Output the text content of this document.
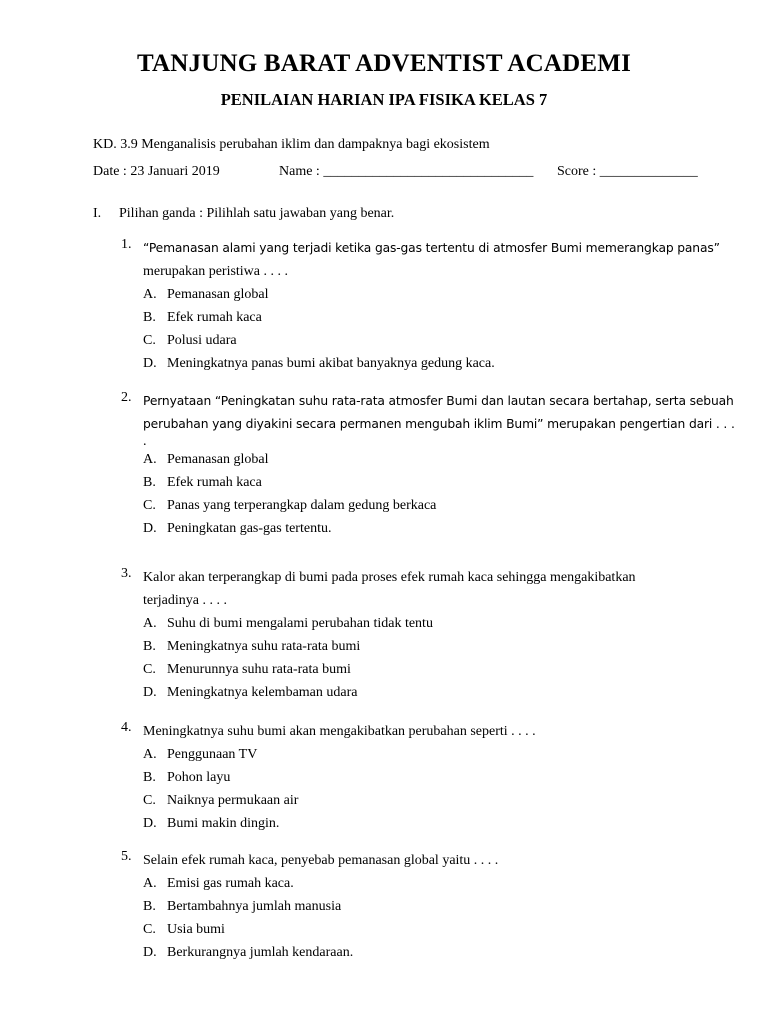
TANJUNG BARAT ADVENTIST ACADEMI
PENILAIAN HARIAN IPA FISIKA KELAS 7
KD. 3.9 Menganalisis perubahan iklim dan dampaknya bagi ekosistem
Date : 23 Januari 2019	Name : ______________________________ Score : ______________
I. Pilihan ganda : Pilihlah satu jawaban yang benar.
1. “Pemanasan alami yang terjadi ketika gas-gas tertentu di atmosfer Bumi memerangkap panas”
merupakan peristiwa . . . .
A. Pemanasan global
B. Efek rumah kaca
C. Polusi udara
D. Meningkatnya panas bumi akibat banyaknya gedung kaca.
2. Pernyataan “Peningkatan suhu rata-rata atmosfer Bumi dan lautan secara bertahap, serta sebuah
perubahan yang diyakini secara permanen mengubah iklim Bumi” merupakan pengertian dari . . .
.
A. Pemanasan global
B. Efek rumah kaca
C. Panas yang terperangkap dalam gedung berkaca
D. Peningkatan gas-gas tertentu.
3. Kalor akan terperangkap di bumi pada proses efek rumah kaca sehingga mengakibatkan
terjadinya . . . .
A. Suhu di bumi mengalami perubahan tidak tentu
B. Meningkatnya suhu rata-rata bumi
C. Menurunnya suhu rata-rata bumi
D. Meningkatnya kelembaman udara
4. Meningkatnya suhu bumi akan mengakibatkan perubahan seperti . . . .
A. Penggunaan TV
B. Pohon layu
C. Naiknya permukaan air
D. Bumi makin dingin.
5. Selain efek rumah kaca, penyebab pemanasan global yaitu . . . .
A. Emisi gas rumah kaca.
B. Bertambahnya jumlah manusia
C. Usia bumi
D. Berkurangnya jumlah kendaraan.
